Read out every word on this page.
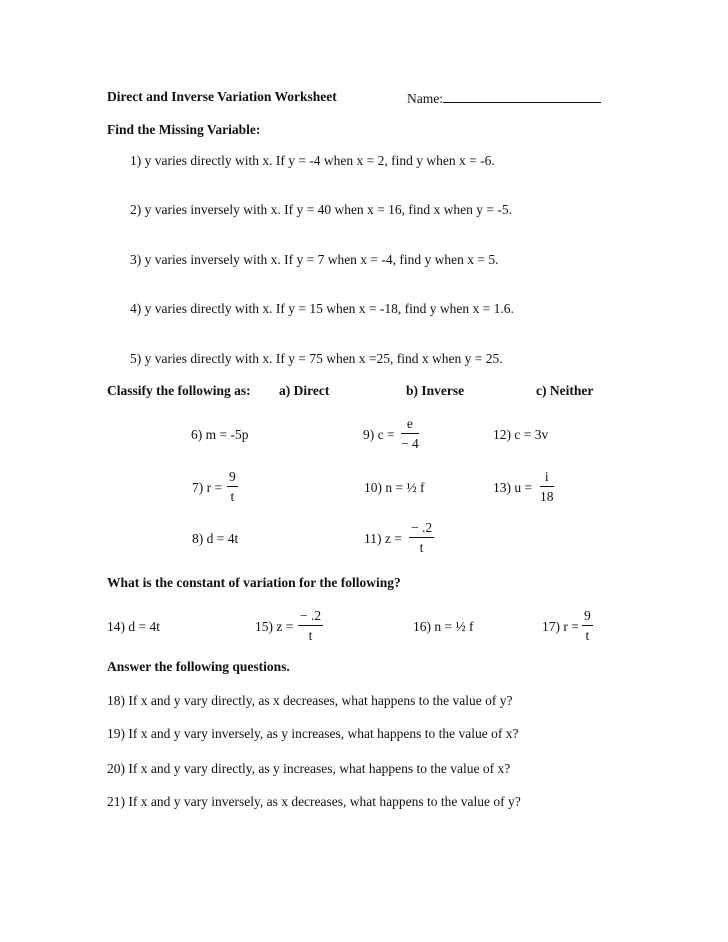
Direct and Inverse Variation Worksheet	Name:
Find the Missing Variable:
1) y varies directly with x. If y = -4 when x = 2, find y when x = -6.
2) y varies inversely with x. If y = 40 when x = 16, find x when y = -5.
3) y varies inversely with x. If y = 7 when x = -4, find y when x = 5.
4) y varies directly with x. If y = 15 when x = -18, find y when x = 1.6.
5) y varies directly with x. If y = 75 when x =25, find x when y = 25.
Classify the following as: a) Direct	b) Inverse	c) Neither
6) m = -5p	9) $c = \frac{e}{- 4}$	12) c = 3v
7) $r = \frac{9}{t}$	10) n = ½ f	13) $u = \frac{i}{18}$
8) d = 4t	11) $z = \frac{- .2}{t}$
What is the constant of variation for the following?
14) d = 4t	15) $z = \frac{- .2}{t}$	16) n = ½ f	17) $r = \frac{9}{t}$
Answer the following questions.
18) If x and y vary directly, as x decreases, what happens to the value of y?
19) If x and y vary inversely, as y increases, what happens to the value of x?
20) If x and y vary directly, as y increases, what happens to the value of x?
21) If x and y vary inversely, as x decreases, what happens to the value of y?
